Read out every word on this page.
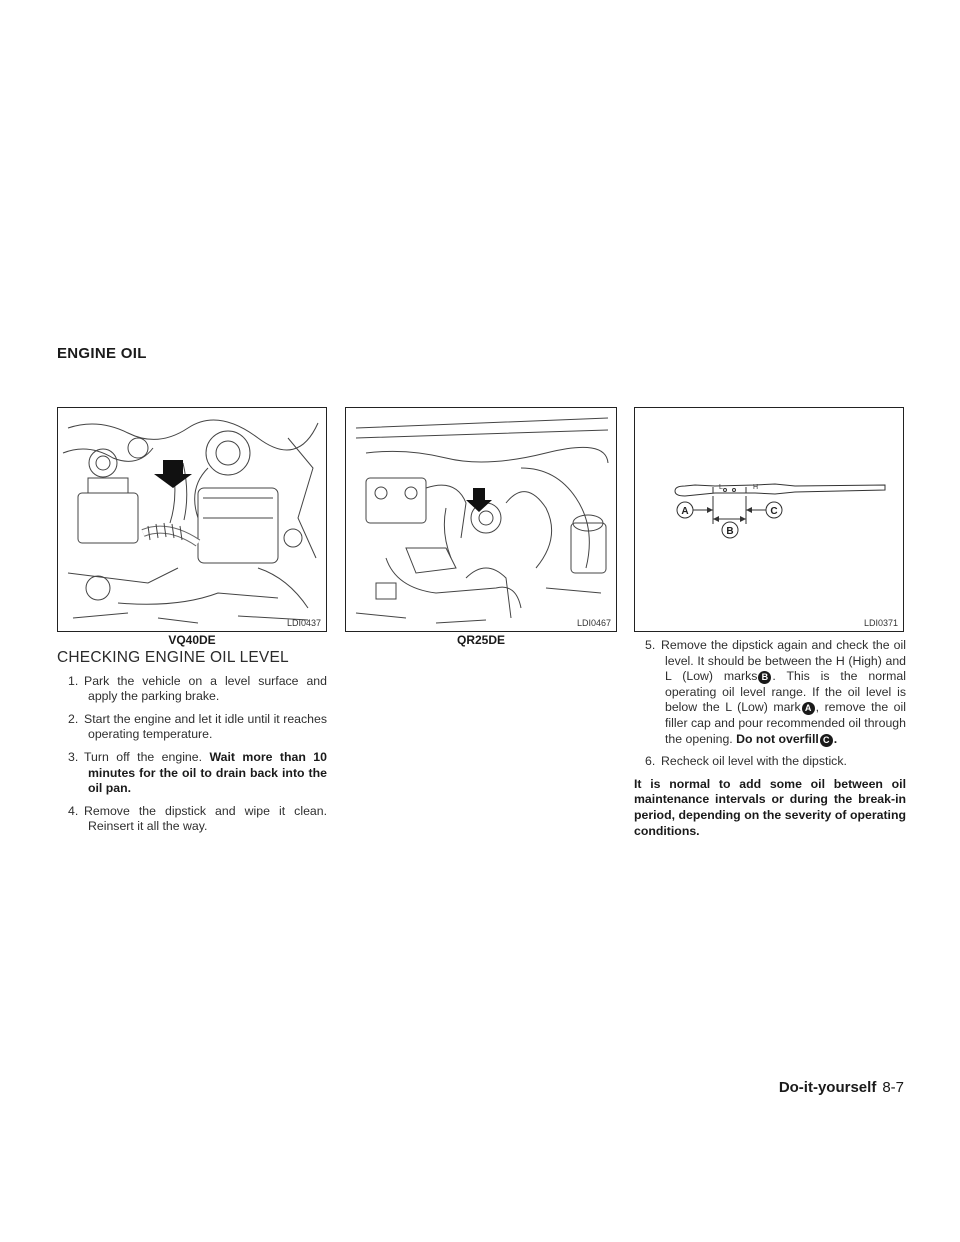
ENGINE OIL
LDI0437
VQ40DE
LDI0467
QR25DE
L	H
A
B
C
LDI0371
CHECKING ENGINE OIL LEVEL

1. Park the vehicle on a level surface and apply the parking brake.

2. Start the engine and let it idle until it reaches operating temperature.

3. Turn off the engine. Wait more than 10 minutes for the oil to drain back into the oil pan.

4. Remove the dipstick and wipe it clean. Reinsert it all the way.

5. Remove the dipstick again and check the oil level. It should be between the H (High) and L (Low) marks B . This is the normal operating oil level range. If the oil level is below the L (Low) mark A , remove the oil filler cap and pour recommended oil through the opening. Do not overfill C .

6. Recheck oil level with the dipstick.

It is normal to add some oil between oil maintenance intervals or during the break-in period, depending on the severity of operating conditions.

Do-it-yourself 8-7
